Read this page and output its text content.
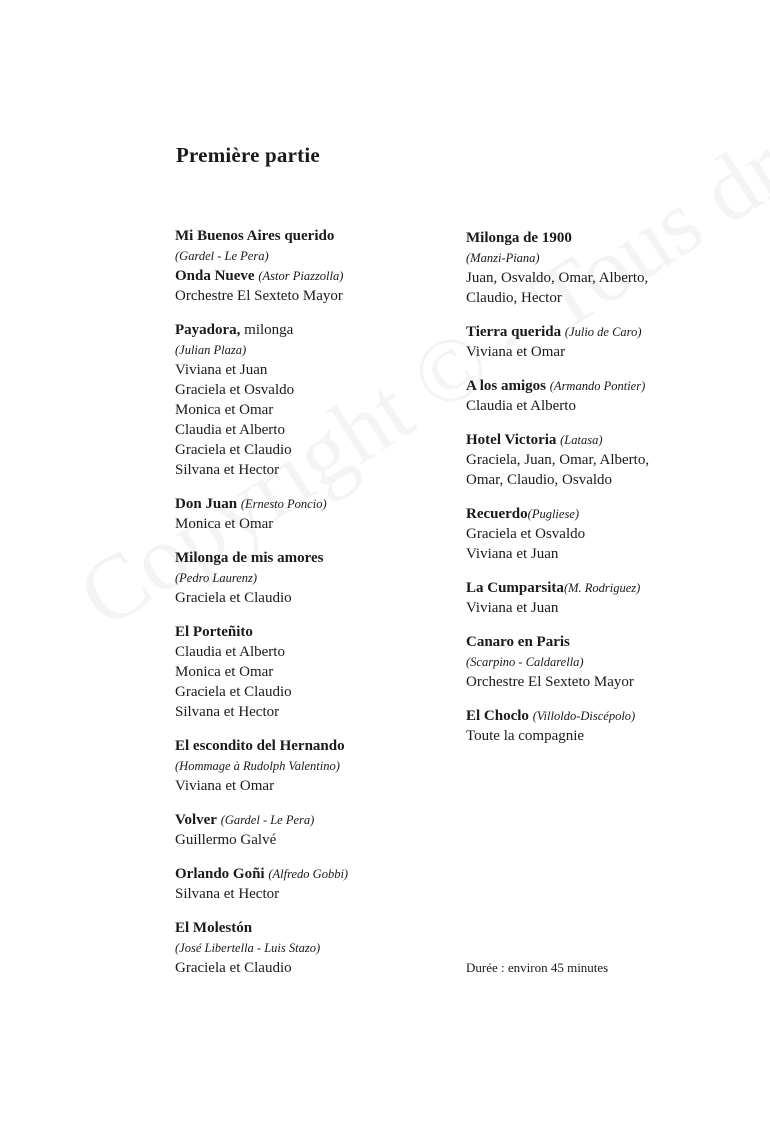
Première partie
Mi Buenos Aires querido
(Gardel - Le Pera)
Onda Nueve (Astor Piazzolla)
Orchestre El Sexteto Mayor
Payadora, milonga
(Julian Plaza)
Viviana et Juan
Graciela et Osvaldo
Monica et Omar
Claudia et Alberto
Graciela et Claudio
Silvana et Hector
Don Juan (Ernesto Poncio)
Monica et Omar
Milonga de mis amores
(Pedro Laurenz)
Graciela et Claudio
El Porteñito
Claudia et Alberto
Monica et Omar
Graciela et Claudio
Silvana et Hector
El escondito del Hernando
(Hommage à Rudolph Valentino)
Viviana et Omar
Volver (Gardel - Le Pera)
Guillermo Galvé
Orlando Goñi (Alfredo Gobbi)
Silvana et Hector
El Molestón
(José Libertella - Luis Stazo)
Graciela et Claudio
Milonga de 1900
(Manzi-Piana)
Juan, Osvaldo, Omar, Alberto,
Claudio, Hector
Tierra querida (Julio de Caro)
Viviana et Omar
A los amigos (Armando Pontier)
Claudia et Alberto
Hotel Victoria (Latasa)
Graciela, Juan, Omar, Alberto,
Omar, Claudio, Osvaldo
Recuerdo(Pugliese)
Graciela et Osvaldo
Viviana et Juan
La Cumparsita(M. Rodriguez)
Viviana et Juan
Canaro en Paris
(Scarpino - Caldarella)
Orchestre El Sexteto Mayor
El Choclo (Villoldo-Discépolo)
Toute la compagnie
Durée : environ 45 minutes
